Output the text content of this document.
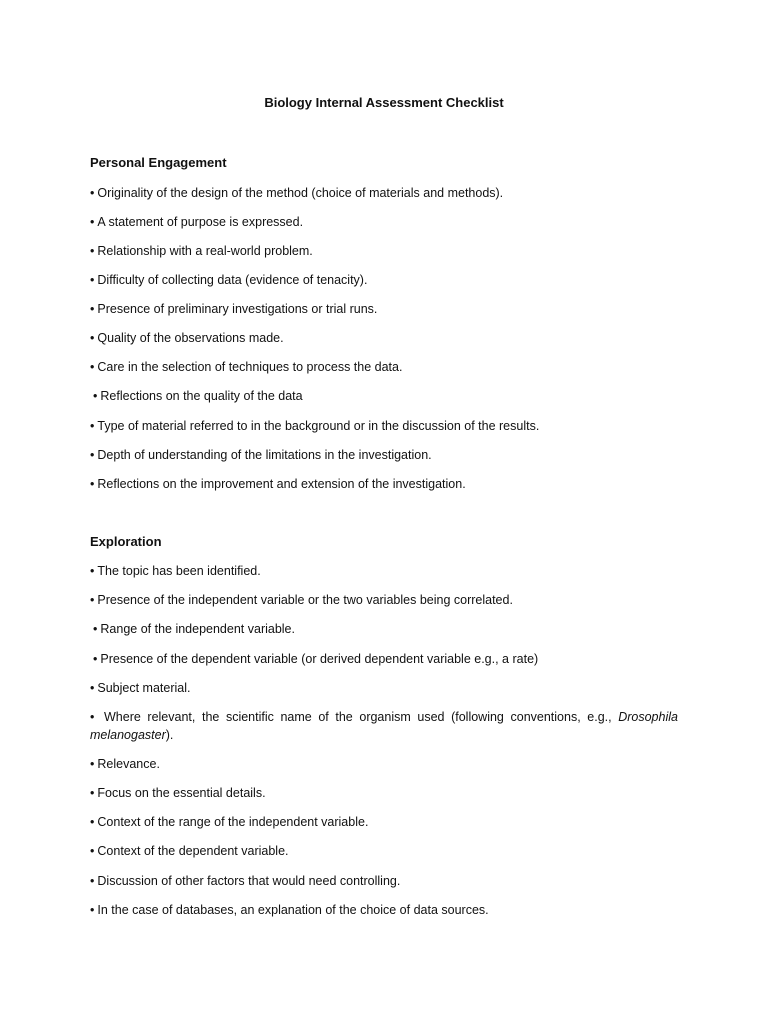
Biology Internal Assessment Checklist
Personal Engagement

• Originality of the design of the method (choice of materials and methods).

• A statement of purpose is expressed.

• Relationship with a real-world problem.

• Difficulty of collecting data (evidence of tenacity).

• Presence of preliminary investigations or trial runs.

• Quality of the observations made.

• Care in the selection of techniques to process the data.

• Reflections on the quality of the data

• Type of material referred to in the background or in the discussion of the results.

• Depth of understanding of the limitations in the investigation.

• Reflections on the improvement and extension of the investigation.

Exploration

• The topic has been identified.

• Presence of the independent variable or the two variables being correlated.

• Range of the independent variable.

• Presence of the dependent variable (or derived dependent variable e.g., a rate)

• Subject material.

• Where relevant, the scientific name of the organism used (following conventions, e.g., Drosophila
melanogaster).

• Relevance.

• Focus on the essential details.

• Context of the range of the independent variable.

• Context of the dependent variable.

• Discussion of other factors that would need controlling.

• In the case of databases, an explanation of the choice of data sources.
